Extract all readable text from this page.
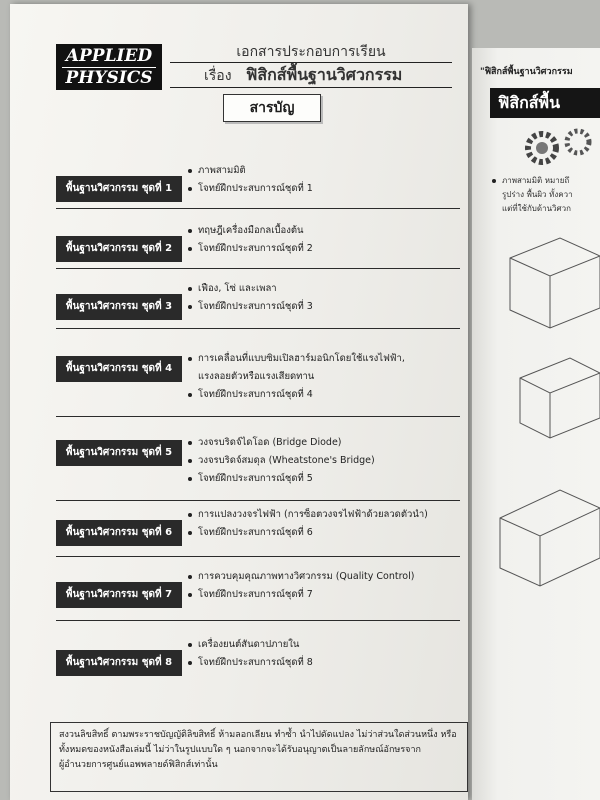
APPLIED
PHYSICS
เอกสารประกอบการเรียน
เรื่อง ฟิสิกส์พื้นฐานวิศวกรรม
สารบัญ
พื้นฐานวิศวกรรม ชุดที่ 1
ภาพสามมิติ
โจทย์ฝึกประสบการณ์ชุดที่ 1
พื้นฐานวิศวกรรม ชุดที่ 2
ทฤษฎีเครื่องมือกลเบื้องต้น
โจทย์ฝึกประสบการณ์ชุดที่ 2
พื้นฐานวิศวกรรม ชุดที่ 3
เฟือง, โซ่ และเพลา
โจทย์ฝึกประสบการณ์ชุดที่ 3
พื้นฐานวิศวกรรม ชุดที่ 4
การเคลื่อนที่แบบซิมเปิลฮาร์มอนิกโดยใช้แรงไฟฟ้า,
แรงลอยตัวหรือแรงเสียดทาน
โจทย์ฝึกประสบการณ์ชุดที่ 4
พื้นฐานวิศวกรรม ชุดที่ 5
วงจรบริดจ์ไดโอด (Bridge Diode)
วงจรบริดจ์สมดุล (Wheatstone's Bridge)
โจทย์ฝึกประสบการณ์ชุดที่ 5
พื้นฐานวิศวกรรม ชุดที่ 6
การแปลงวงจรไฟฟ้า (การซ็อตวงจรไฟฟ้าด้วยลวดตัวนำ)
โจทย์ฝึกประสบการณ์ชุดที่ 6
พื้นฐานวิศวกรรม ชุดที่ 7
การควบคุมคุณภาพทางวิศวกรรม (Quality Control)
โจทย์ฝึกประสบการณ์ชุดที่ 7
พื้นฐานวิศวกรรม ชุดที่ 8
เครื่องยนต์สันดาปภายใน
โจทย์ฝึกประสบการณ์ชุดที่ 8
สงวนลิขสิทธิ์ ตามพระราชบัญญัติลิขสิทธิ์ ห้ามลอกเลียน ทำซ้ำ นำไปดัดแปลง ไม่ว่าส่วนใดส่วนหนึ่ง หรือ
ทั้งหมดของหนังสือเล่มนี้ ไม่ว่าในรูปแบบใด ๆ นอกจากจะได้รับอนุญาตเป็นลายลักษณ์อักษรจาก
ผู้อำนวยการศูนย์แอพพลายด์ฟิสิกส์เท่านั้น
"ฟิสิกส์พื้นฐานวิศวกรรม
ฟิสิกส์พื้น
ภาพสามมิติ หมายถึ
รูปร่าง พื้นผิว ทั้งควา
แต่ที่ใช้กับด้านวิศวก
